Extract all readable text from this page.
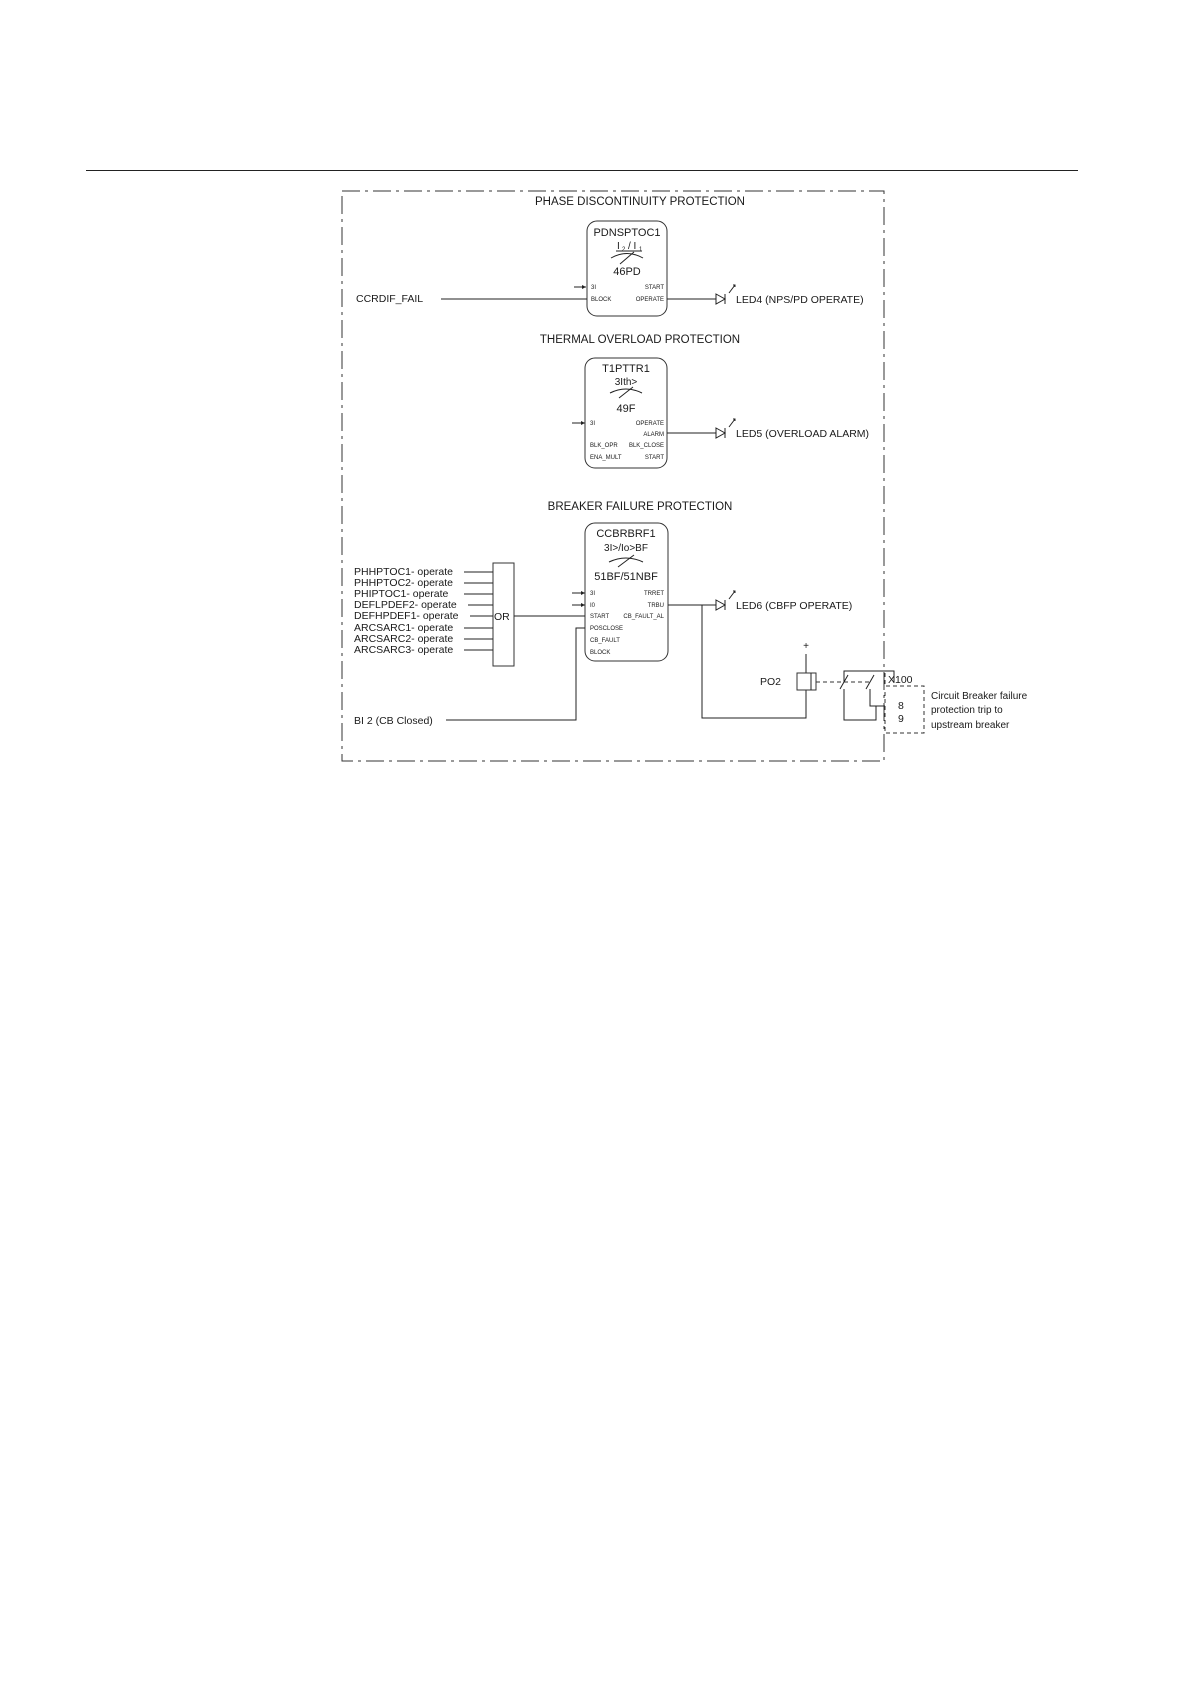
PHASE DISCONTINUITY PROTECTION
PDNSPTOC1
I 2 / I 1
46PD
3I
BLOCK
START
OPERATE
CCRDIF_FAIL	LED4 (NPS/PD OPERATE)
THERMAL OVERLOAD PROTECTION
T1PTTR1
3Ith>
49F
3I	OPERATE
ALARM
BLK_OPR BLK_CLOSE
ENA_MULT	START
LED5 (OVERLOAD ALARM)
BREAKER FAILURE PROTECTION
CCBRBRF1
3I>/Io>BF
51BF/51NBF
3I
I0
START
POSCLOSE
CB_FAULT
BLOCK
TRRET
TRBU
CB_FAULT_AL
OR
PHHPTOC1- operate
PHHPTOC2- operate
PHIPTOC1- operate
DEFLPDEF2- operate
DEFHPDEF1- operate
ARCSARC1- operate
ARCSARC2- operate
ARCSARC3- operate
BI 2 (CB Closed)
LED6 (CBFP OPERATE)
+
PO2	X100
8
9
Circuit Breaker failure
protection trip to
upstream breaker
